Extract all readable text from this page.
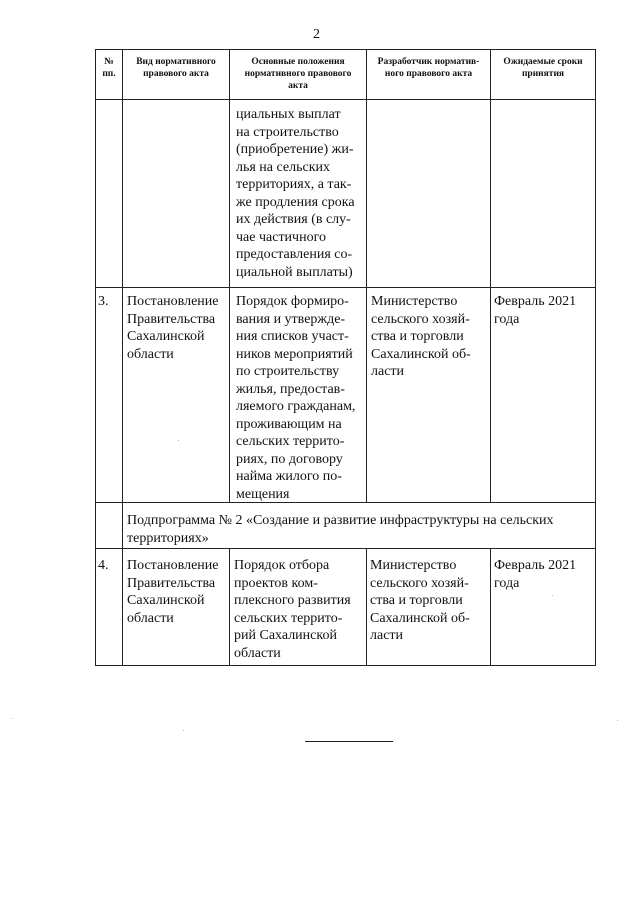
2
№
пп.
Вид нормативного
правового акта
Основные положения
нормативного правового
акта
Разработчик норматив-
ного правового акта
Ожидаемые сроки
принятия
циальных выплат
на строительство
(приобретение) жи-
лья на сельских
территориях, а так-
же продления срока
их действия (в слу-
чае частичного
предоставления со-
циальной выплаты)
3.	Постановление
Правительства
Сахалинской
области
Порядок формиро-
вания и утвержде-
ния списков участ-
ников мероприятий
по строительству
жилья, предостав-
ляемого гражданам,
проживающим на
сельских террито-
риях, по договору
найма жилого по-
мещения
Министерство
сельского хозяй-
ства и торговли
Сахалинской об-
ласти
Февраль 2021
года
Подпрограмма № 2 «Создание и развитие инфраструктуры на сельских
территориях»
4.	Постановление
Правительства
Сахалинской
области
Порядок отбора
проектов ком-
плексного развития
сельских террито-
рий Сахалинской
области
Министерство
сельского хозяй-
ства и торговли
Сахалинской об-
ласти
Февраль 2021
года
